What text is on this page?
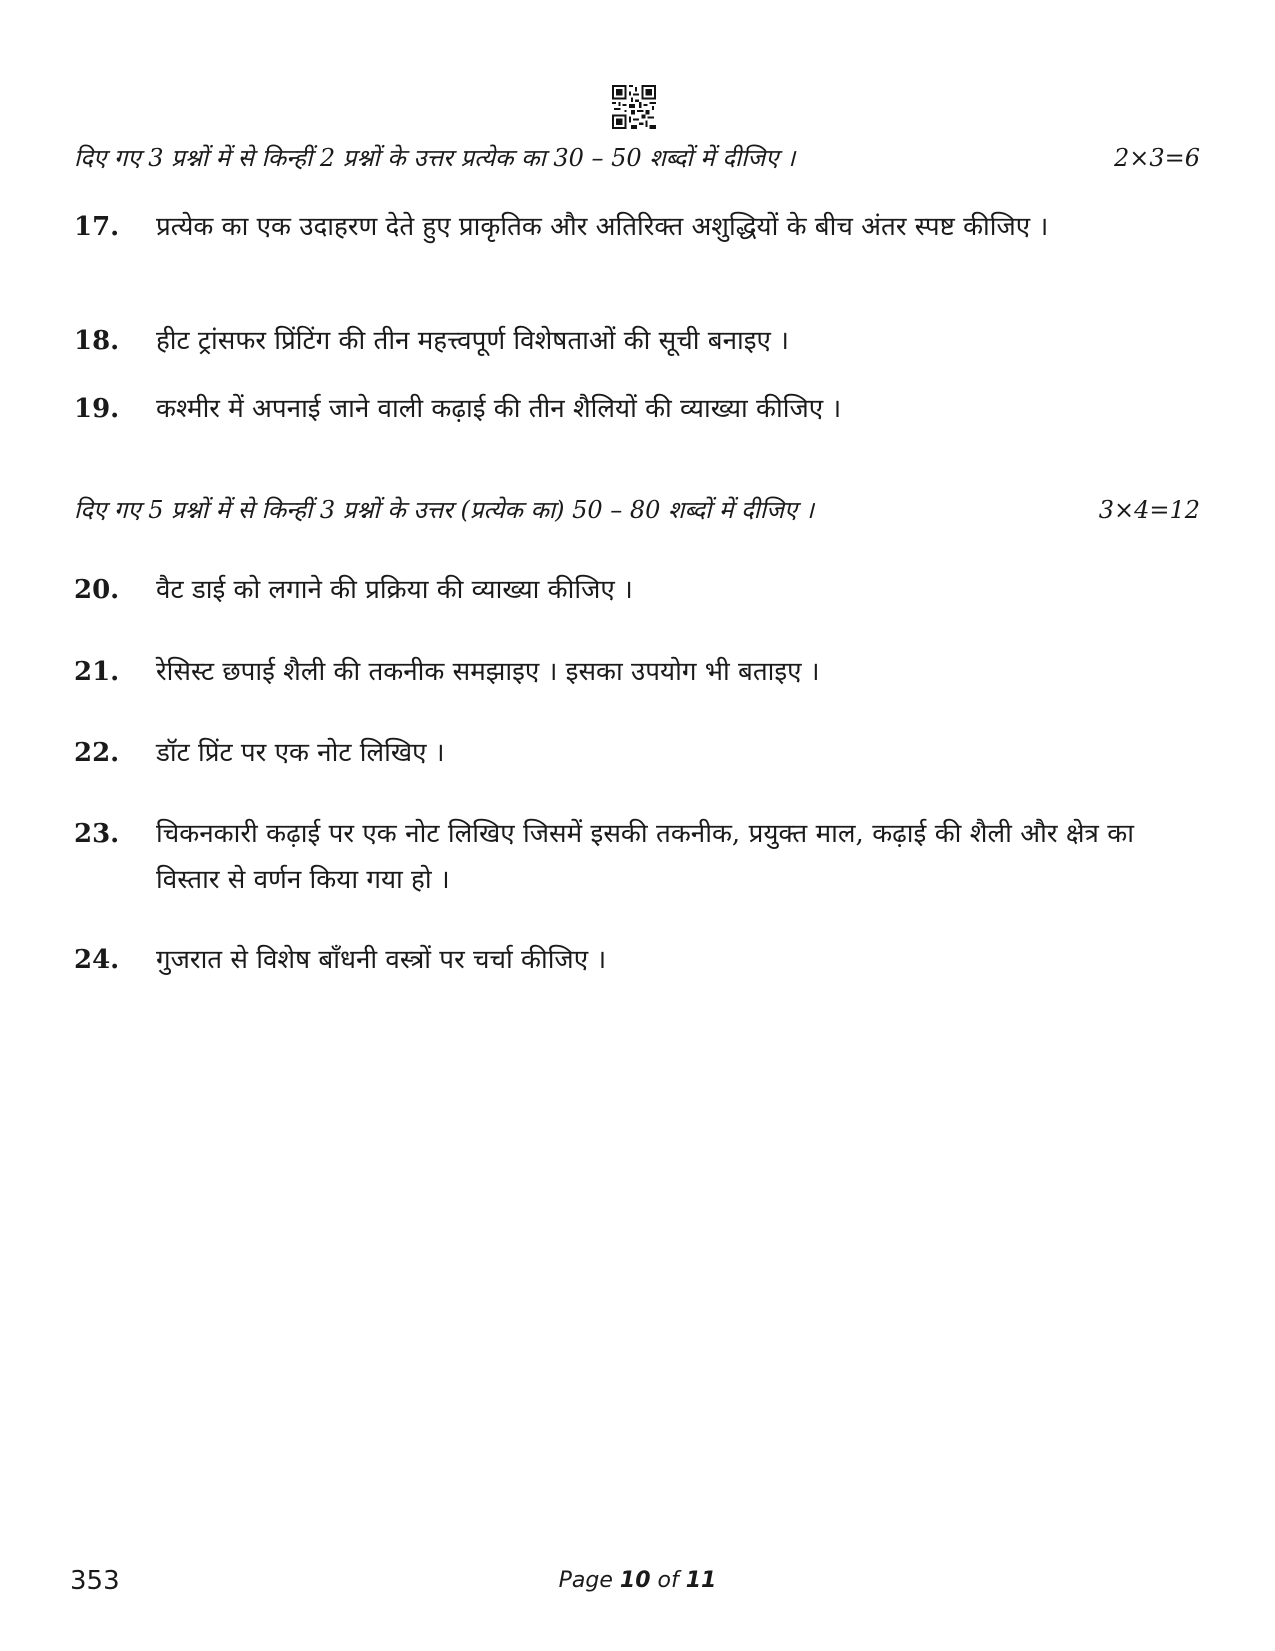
दिए गए 3 प्रश्नों में से किन्हीं 2 प्रश्नों के उत्तर प्रत्येक का 30 – 50 शब्दों में दीजिए ।	2×3=6
17. प्रत्येक का एक उदाहरण देते हुए प्राकृतिक और अतिरिक्त अशुद्धियों के बीच अंतर स्पष्ट कीजिए ।
18. हीट ट्रांसफर प्रिंटिंग की तीन महत्त्वपूर्ण विशेषताओं की सूची बनाइए ।
19. कश्मीर में अपनाई जाने वाली कढ़ाई की तीन शैलियों की व्याख्या कीजिए ।
दिए गए 5 प्रश्नों में से किन्हीं 3 प्रश्नों के उत्तर (प्रत्येक का) 50 – 80 शब्दों में दीजिए ।	3×4=12
20. वैट डाई को लगाने की प्रक्रिया की व्याख्या कीजिए ।
21. रेसिस्ट छपाई शैली की तकनीक समझाइए । इसका उपयोग भी बताइए ।
22. डॉट प्रिंट पर एक नोट लिखिए ।
23. चिकनकारी कढ़ाई पर एक नोट लिखिए जिसमें इसकी तकनीक, प्रयुक्त माल, कढ़ाई की शैली और क्षेत्र का विस्तार से वर्णन किया गया हो ।
24. गुजरात से विशेष बाँधनी वस्त्रों पर चर्चा कीजिए ।
353	Page 10 of 11
